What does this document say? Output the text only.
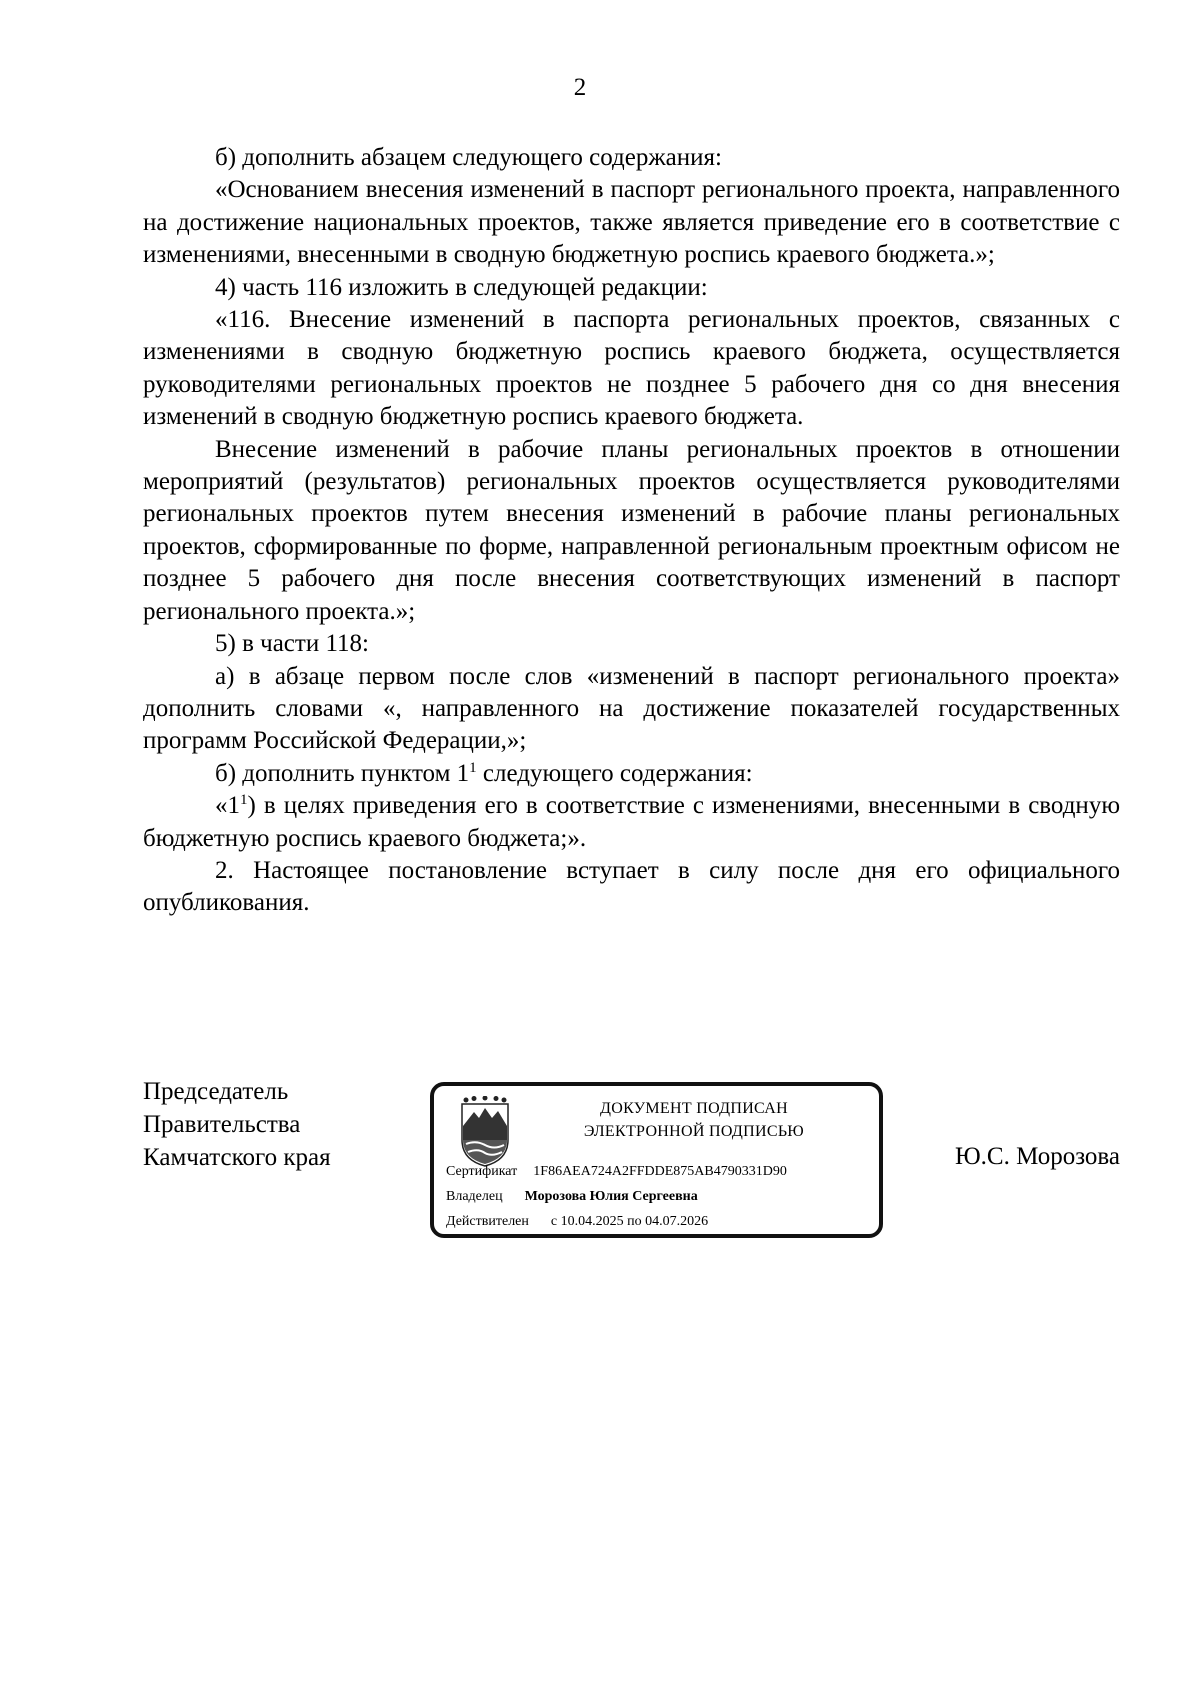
2

б) дополнить абзацем следующего содержания:

«Основанием внесения изменений в паспорт регионального проекта, направленного на достижение национальных проектов, также является приведение его в соответствие с изменениями, внесенными в сводную бюджетную роспись краевого бюджета.»;

4) часть 116 изложить в следующей редакции:

«116. Внесение изменений в паспорта региональных проектов, связанных с изменениями в сводную бюджетную роспись краевого бюджета, осуществляется руководителями региональных проектов не позднее 5 рабочего дня со дня внесения изменений в сводную бюджетную роспись краевого бюджета.

Внесение изменений в рабочие планы региональных проектов в отношении мероприятий (результатов) региональных проектов осуществляется руководителями региональных проектов путем внесения изменений в рабочие планы региональных проектов, сформированные по форме, направленной региональным проектным офисом не позднее 5 рабочего дня после внесения соответствующих изменений в паспорт регионального проекта.»;

5) в части 118:

а) в абзаце первом после слов «изменений в паспорт регионального проекта» дополнить словами «, направленного на достижение показателей государственных программ Российской Федерации,»;

б) дополнить пунктом $1^1$ следующего содержания:

«$1^1$) в целях приведения его в соответствие с изменениями, внесенными в сводную бюджетную роспись краевого бюджета;».

2. Настоящее постановление вступает в силу после дня его официального опубликования.

Председатель
Правительства
Камчатского края
ДОКУМЕНТ ПОДПИСАН
ЭЛЕКТРОННОЙ ПОДПИСЬЮ
Сертификат 1F86AEA724A2FFDDE875AB4790331D90
Владелец Морозова Юлия Сергеевна
Действителен с 10.04.2025 по 04.07.2026
Ю.С. Морозова
